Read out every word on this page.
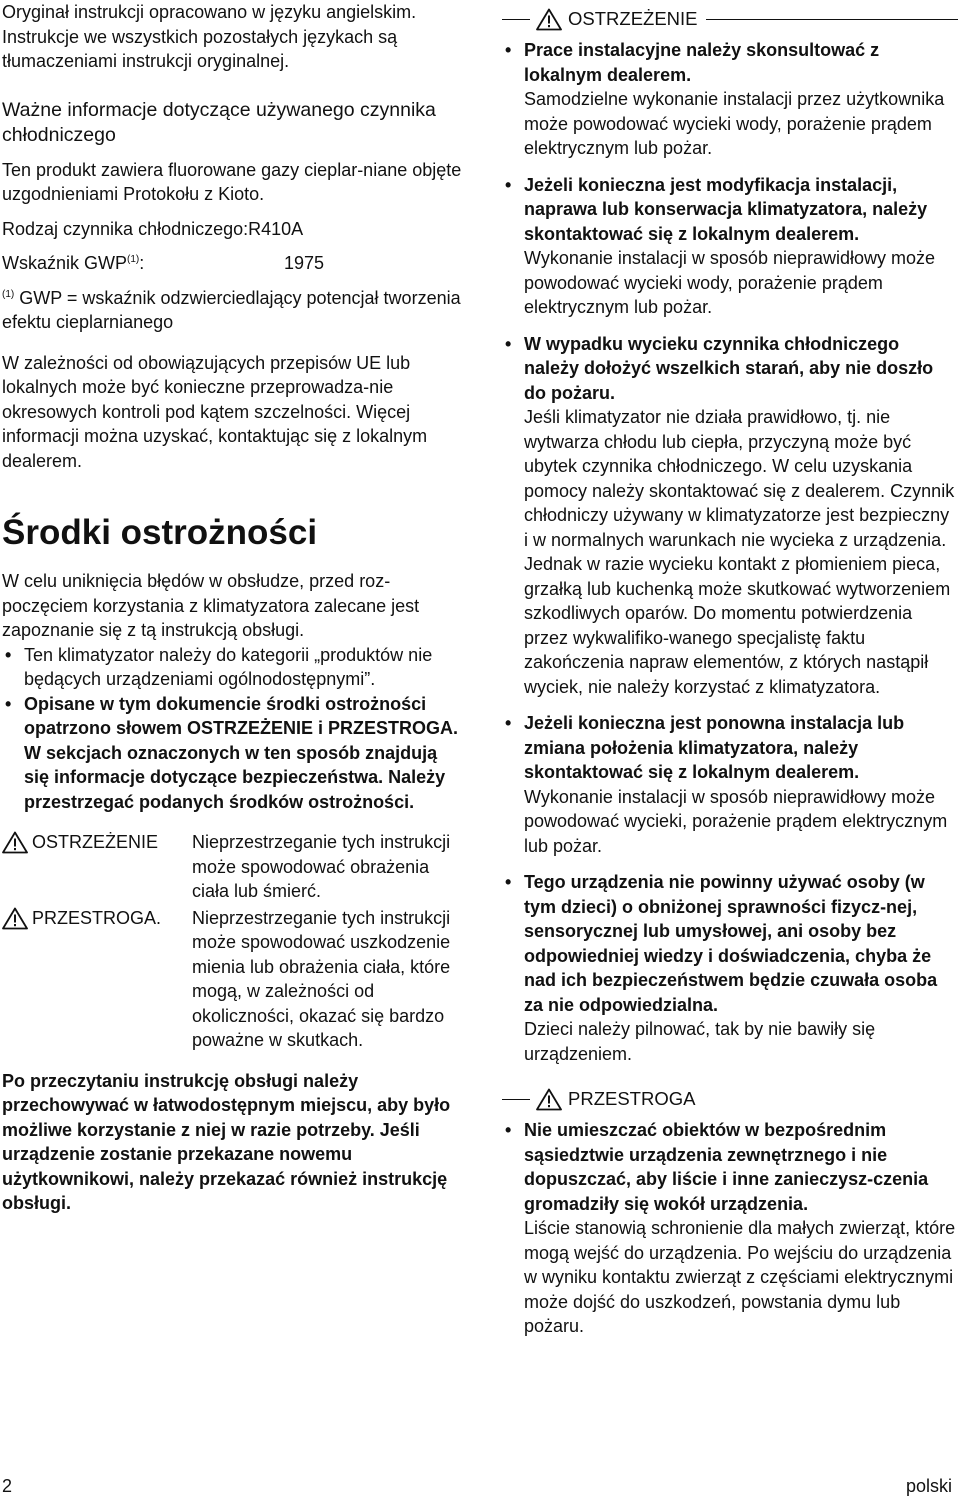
Oryginał instrukcji opracowano w języku angielskim. Instrukcje we wszystkich pozostałych językach są tłumaczeniami instrukcji oryginalnej.

Ważne informacje dotyczące używanego czynnika chłodniczego

Ten produkt zawiera fluorowane gazy cieplar-niane objęte uzgodnieniami Protokołu z Kioto.

Rodzaj czynnika chłodniczego:R410A

Wskaźnik GWP$^{(1)}$:	1975

$^{(1)}$ GWP = wskaźnik odzwierciedlający potencjał tworzenia efektu cieplarnianego

W zależności od obowiązujących przepisów UE lub lokalnych może być konieczne przeprowadza-nie okresowych kontroli pod kątem szczelności. Więcej informacji można uzyskać, kontaktując się z lokalnym dealerem.

Środki ostrożności

W celu uniknięcia błędów w obsłudze, przed roz-poczęciem korzystania z klimatyzatora zalecane jest zapoznanie się z tą instrukcją obsługi.

• Ten klimatyzator należy do kategorii „produktów nie będących urządzeniami ogólnodostępnymi”.
• Opisane w tym dokumencie środki ostrożności opatrzono słowem OSTRZEŻENIE i PRZESTROGA. W sekcjach oznaczonych w ten sposób znajdują się informacje dotyczące bezpieczeństwa. Należy przestrzegać podanych środków ostrożności.
OSTRZEŻENIE Nieprzestrzeganie tych instrukcji może spowodować obrażenia ciała lub śmierć.
PRZESTROGA. Nieprzestrzeganie tych instrukcji może spowodować uszkodzenie mienia lub obrażenia ciała, które mogą, w zależności od okoliczności, okazać się bardzo poważne w skutkach.

Po przeczytaniu instrukcję obsługi należy przechowywać w łatwodostępnym miejscu, aby było możliwe korzystanie z niej w razie potrzeby. Jeśli urządzenie zostanie przekazane nowemu użytkownikowi, należy przekazać również instrukcję obsługi.

OSTRZEŻENIE
• Prace instalacyjne należy skonsultować z lokalnym dealerem.

Samodzielne wykonanie instalacji przez użytkownika może powodować wycieki wody, porażenie prądem elektrycznym lub pożar.

• Jeżeli konieczna jest modyfikacja instalacji, naprawa lub konserwacja klimatyzatora, należy skontaktować się z lokalnym dealerem.

Wykonanie instalacji w sposób nieprawidłowy może powodować wycieki wody, porażenie prądem elektrycznym lub pożar.

• W wypadku wycieku czynnika chłodniczego należy dołożyć wszelkich starań, aby nie doszło do pożaru.

Jeśli klimatyzator nie działa prawidłowo, tj. nie wytwarza chłodu lub ciepła, przyczyną może być ubytek czynnika chłodniczego. W celu uzyskania pomocy należy skontaktować się z dealerem. Czynnik chłodniczy używany w klimatyzatorze jest bezpieczny i w normalnych warunkach nie wycieka z urządzenia. Jednak w razie wycieku kontakt z płomieniem pieca, grzałką lub kuchenką może skutkować wytworzeniem szkodliwych oparów. Do momentu potwierdzenia przez wykwalifiko-wanego specjalistę faktu zakończenia napraw elementów, z których nastąpił wyciek, nie należy korzystać z klimatyzatora.

• Jeżeli konieczna jest ponowna instalacja lub zmiana położenia klimatyzatora, należy skontaktować się z lokalnym dealerem.

Wykonanie instalacji w sposób nieprawidłowy może powodować wycieki, porażenie prądem elektrycznym lub pożar.

• Tego urządzenia nie powinny używać osoby (w tym dzieci) o obniżonej sprawności fizycz-nej, sensorycznej lub umysłowej, ani osoby bez odpowiedniej wiedzy i doświadczenia, chyba że nad ich bezpieczeństwem będzie czuwała osoba za nie odpowiedzialna.

Dzieci należy pilnować, tak by nie bawiły się urządzeniem.

PRZESTROGA
• Nie umieszczać obiektów w bezpośrednim sąsiedztwie urządzenia zewnętrznego i nie dopuszczać, aby liście i inne zanieczysz-czenia gromadziły się wokół urządzenia.

Liście stanowią schronienie dla małych zwierząt, które mogą wejść do urządzenia. Po wejściu do urządzenia w wyniku kontaktu zwierząt z częściami elektrycznymi może dojść do uszkodzeń, powstania dymu lub pożaru.

2	polski
